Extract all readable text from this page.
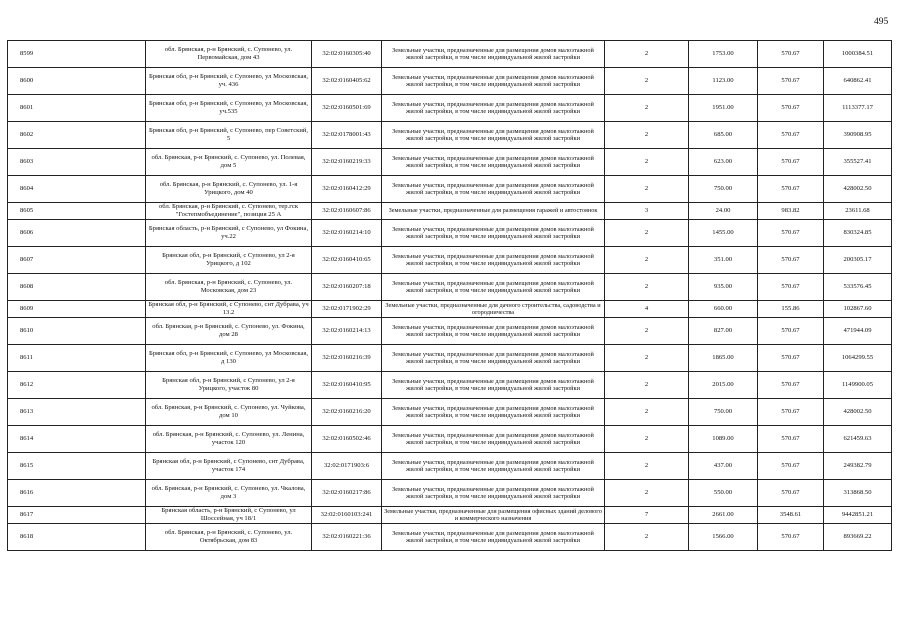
495
8599	обл. Брянская, р-н Брянский, с. Супонево, ул. Первомайская, дом 43	32:02:0160305:40	Земельные участки, предназначенные для размещения домов малоэтажной жилой застройки, в том числе индивидуальной жилой застройки	2	1753.00	570.67	1000384.51
8600	Брянская обл, р-н Брянский, с Супонево, ул Московская, уч. 436	32:02:0160405:62	Земельные участки, предназначенные для размещения домов малоэтажной жилой застройки, в том числе индивидуальной жилой застройки	2	1123.00	570.67	640862.41
8601	Брянская обл, р-н Брянский, с Супонево, ул Московская, уч.535	32:02:0160501:69	Земельные участки, предназначенные для размещения домов малоэтажной жилой застройки, в том числе индивидуальной жилой застройки	2	1951.00	570.67	1113377.17
8602	Брянская обл, р-н Брянский, с Супонево, пер Советский, 5	32:02:0178001:43	Земельные участки, предназначенные для размещения домов малоэтажной жилой застройки, в том числе индивидуальной жилой застройки	2	685.00	570.67	390908.95
8603	обл. Брянская, р-н Брянский, с. Супонево, ул. Полевая, дом 5	32:02:0160219:33	Земельные участки, предназначенные для размещения домов малоэтажной жилой застройки, в том числе индивидуальной жилой застройки	2	623.00	570.67	355527.41
8604	обл. Брянская, р-н Брянский, с. Супонево, ул. 1-я Урицкого, дом 40	32:02:0160412:29	Земельные участки, предназначенные для размещения домов малоэтажной жилой застройки, в том числе индивидуальной жилой застройки	2	750.00	570.67	428002.50
8605	обл. Брянская, р-н Брянский, с. Супонево, тер.гск "Гостепмобъединение", позиция 25 А	32:02:0160607:86	Земельные участки, предназначенные для размещения гаражей и автостоянок	3	24.00	983.82	23611.68
8606	Брянская область, р-н Брянский, с Супонево, ул Фокина, уч.22	32:02:0160214:10	Земельные участки, предназначенные для размещения домов малоэтажной жилой застройки, в том числе индивидуальной жилой застройки	2	1455.00	570.67	830324.85
8607	Брянская обл, р-н Брянский, с Супонево, ул 2-я Урицкого, д 102	32:02:0160410:65	Земельные участки, предназначенные для размещения домов малоэтажной жилой застройки, в том числе индивидуальной жилой застройки	2	351.00	570.67	200305.17
8608	обл. Брянская, р-н Брянский, с. Супонево, ул. Московская, дом 23	32:02:0160207:18	Земельные участки, предназначенные для размещения домов малоэтажной жилой застройки, в том числе индивидуальной жилой застройки	2	935.00	570.67	533576.45
8609	Брянская обл, р-н Брянский, с Супонево, снт Дубрава, уч 13.2	32:02:0171902:29	Земельные участки, предназначенные для дачного строительства, садоводства и огородничества	4	660.00	155.86	102867.60
8610	обл. Брянская, р-н Брянский, с. Супонево, ул. Фокина, дом 28	32:02:0160214:13	Земельные участки, предназначенные для размещения домов малоэтажной жилой застройки, в том числе индивидуальной жилой застройки	2	827.00	570.67	471944.09
8611	Брянская обл, р-н Брянский, с Супонево, ул Московская, д 130	32:02:0160216:39	Земельные участки, предназначенные для размещения домов малоэтажной жилой застройки, в том числе индивидуальной жилой застройки	2	1865.00	570.67	1064299.55
8612	Брянская обл, р-н Брянский, с Супонево, ул 2-я Урицкого, участок 80	32:02:0160410:95	Земельные участки, предназначенные для размещения домов малоэтажной жилой застройки, в том числе индивидуальной жилой застройки	2	2015.00	570.67	1149900.05
8613	обл. Брянская, р-н Брянский, с. Супонево, ул. Чуйкова, дом 10	32:02:0160216:20	Земельные участки, предназначенные для размещения домов малоэтажной жилой застройки, в том числе индивидуальной жилой застройки	2	750.00	570.67	428002.50
8614	обл. Брянская, р-н Брянский, с. Супонево, ул. Ленина, участок 120	32:02:0160502:46	Земельные участки, предназначенные для размещения домов малоэтажной жилой застройки, в том числе индивидуальной жилой застройки	2	1089.00	570.67	621459.63
8615	Брянская обл, р-н Брянский, с Супонево, снт Дубрава, участок 174	32:02:0171903:6	Земельные участки, предназначенные для размещения домов малоэтажной жилой застройки, в том числе индивидуальной жилой застройки	2	437.00	570.67	249382.79
8616	обл. Брянская, р-н Брянский, с. Супонево, ул. Чкалова, дом 3	32:02:0160217:86	Земельные участки, предназначенные для размещения домов малоэтажной жилой застройки, в том числе индивидуальной жилой застройки	2	550.00	570.67	313868.50
8617	Брянская область, р-н Брянский, с Супонево, ул Шоссейная, уч 18/1	32:02:0160103:241	Земельные участки, предназначенные для размещения офисных зданий делового и коммерческого назначения	7	2661.00	3548.61	9442851.21
8618	обл. Брянская, р-н Брянский, с. Супонево, ул. Октябрьская, дом 83	32:02:0160221:36	Земельные участки, предназначенные для размещения домов малоэтажной жилой застройки, в том числе индивидуальной жилой застройки	2	1566.00	570.67	893669.22
